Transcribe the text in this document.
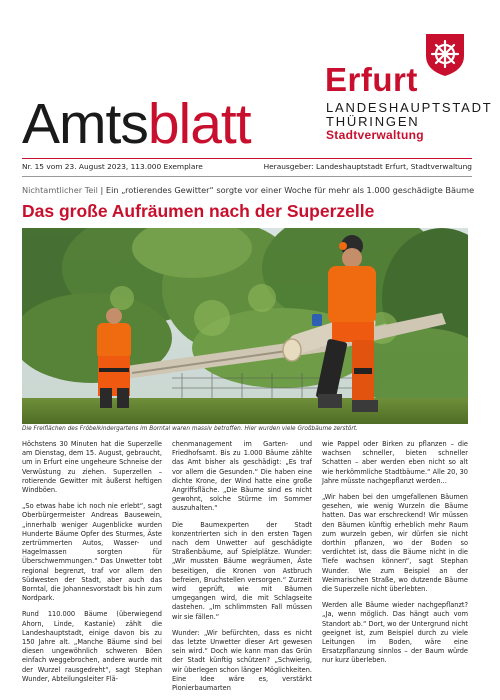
Amtsblatt
Erfurt
LANDESHAUPTSTADT
THÜRINGEN
Stadtverwaltung
Nr. 15 vom 23. August 2023, 113.000 Exemplare	Herausgeber: Landeshauptstadt Erfurt, Stadtverwaltung
Nichtamtlicher Teil | Ein „rotierendes Gewitter“ sorgte vor einer Woche für mehr als 1.000 geschädigte Bäume
Das große Aufräumen nach der Superzelle
Die Freiflächen des Fröbelkindergartens im Borntal waren massiv betroffen. Hier wurden viele Großbäume zerstört.

Höchstens 30 Minuten hat die Superzelle am Dienstag, dem 15. August, gebraucht, um in Erfurt eine ungeheure Schneise der Verwüstung zu ziehen. Superzellen – rotierende Gewitter mit äußerst heftigen Windböen.

„So etwas habe ich noch nie erlebt“, sagt Oberbürgermeister Andreas Bausewein, „innerhalb weniger Augenblicke wurden Hunderte Bäume Opfer des Sturmes, Äste zertrümmerten Autos, Wasser- und Hagelmassen sorgten für Überschwemmungen.“ Das Unwetter tobt regional begrenzt, traf vor allem den Südwesten der Stadt, aber auch das Borntal, die Johannesvorstadt bis hin zum Nordpark.

Rund 110.000 Bäume (überwiegend Ahorn, Linde, Kastanie) zählt die Landeshauptstadt, einige davon bis zu 150 Jahre alt. „Manche Bäume sind bei diesen ungewöhnlich schweren Böen einfach weggebrochen, andere wurde mit der Wurzel rausgedreht“, sagt Stephan Wunder, Abteilungsleiter Flä-

chenmanagement im Garten- und Friedhofsamt. Bis zu 1.000 Bäume zählte das Amt bisher als geschädigt: „Es traf vor allem die Gesunden.“ Die haben eine dichte Krone, der Wind hatte eine große Angriffsfläche. „Die Bäume sind es nicht gewohnt, solche Stürme im Sommer auszuhalten.“

Die Baumexperten der Stadt konzentrierten sich in den ersten Tagen nach dem Unwetter auf geschädigte Straßenbäume, auf Spielplätze. Wunder: „Wir mussten Bäume wegräumen, Äste beseitigen, die Kronen von Astbruch befreien, Bruchstellen versorgen.“ Zurzeit wird geprüft, wie mit Bäumen umgegangen wird, die mit Schlagseite dastehen. „Im schlimmsten Fall müssen wir sie fällen.“

Wunder: „Wir befürchten, dass es nicht das letzte Unwetter dieser Art gewesen sein wird.“ Doch wie kann man das Grün der Stadt künftig schützen? „Schwierig, wir überlegen schon länger Möglichkeiten. Eine Idee wäre es, verstärkt Pionierbaumarten

wie Pappel oder Birken zu pflanzen – die wachsen schneller, bieten schneller Schatten – aber werden eben nicht so alt wie herkömmliche Stadtbäume.“ Alle 20, 30 Jahre müsste nachgepflanzt werden...

„Wir haben bei den umgefallenen Bäumen gesehen, wie wenig Wurzeln die Bäume hatten. Das war erschreckend! Wir müssen den Bäumen künftig erheblich mehr Raum zum wurzeln geben, wir dürfen sie nicht dorthin pflanzen, wo der Boden so verdichtet ist, dass die Bäume nicht in die Tiefe wachsen können“, sagt Stephan Wunder. Wie zum Beispiel an der Weimarischen Straße, wo dutzende Bäume die Superzelle nicht überlebten.

Werden alle Bäume wieder nachgepflanzt? „Ja, wenn möglich. Das hängt auch vom Standort ab.“ Dort, wo der Untergrund nicht geeignet ist, zum Beispiel durch zu viele Leitungen im Boden, wäre eine Ersatzpflanzung sinnlos – der Baum würde nur kurz überleben.
